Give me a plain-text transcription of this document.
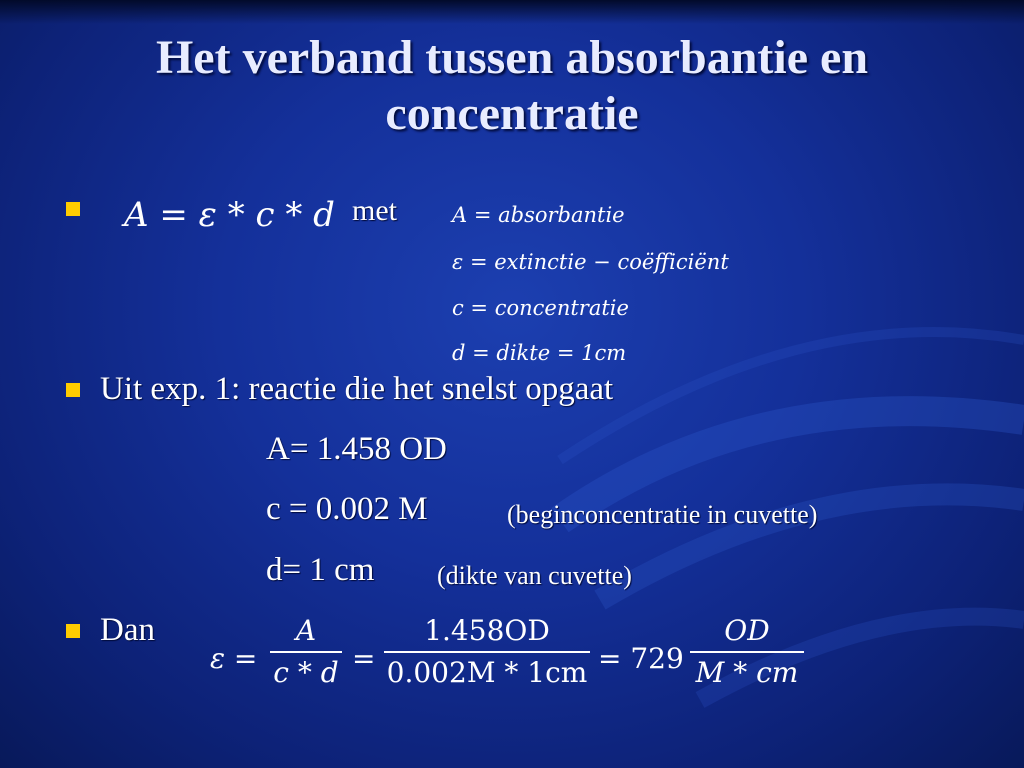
Het verband tussen absorbantie en concentratie
A = ε * c * d met	A = absorbantie
ε = extinctie − coëfficiënt
c = concentratie
d = dikte = 1cm
Uit exp. 1: reactie die het snelst opgaat
A= 1.458 OD
c = 0.002 M	(beginconcentratie in cuvette)
d= 1 cm (dikte van cuvette)
Dan
ε =
A
c * d =
1.458OD
0.002M * 1cm = 729
OD
M * cm
